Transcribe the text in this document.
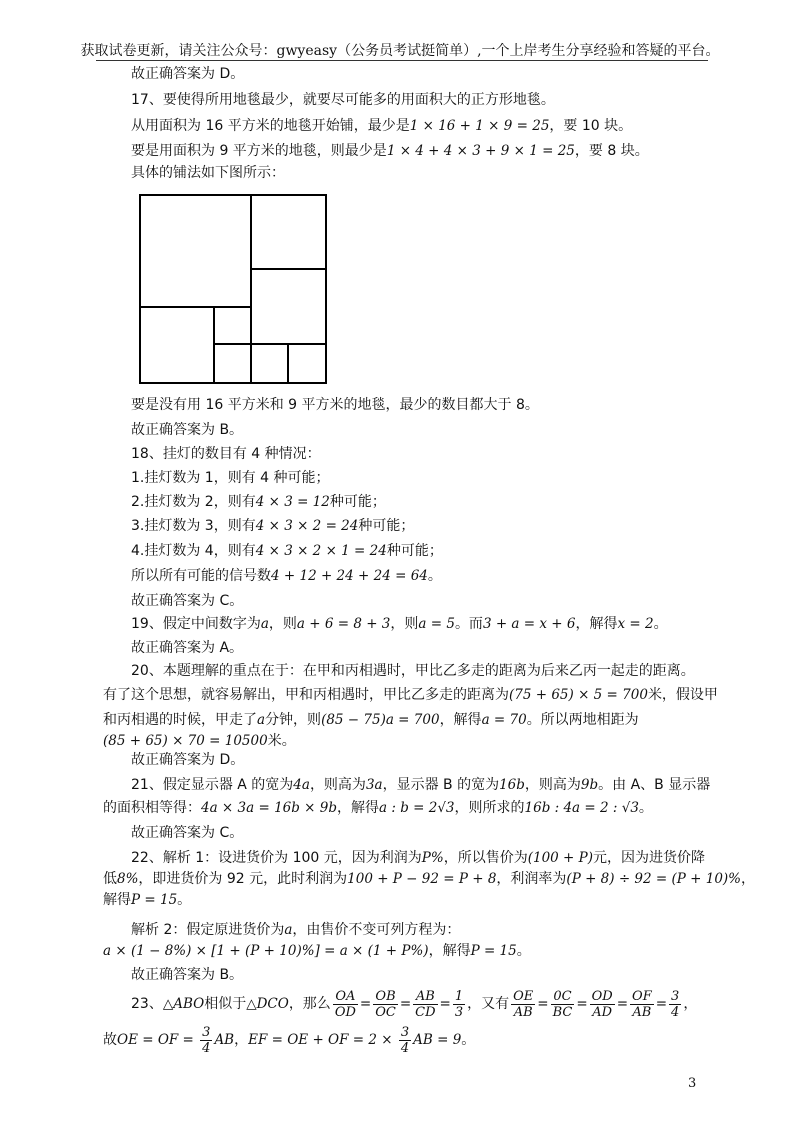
获取试卷更新，请关注公众号：gwyeasy（公务员考试挺简单）,一个上岸考生分享经验和答疑的平台。
故正确答案为 D。
17、要使得所用地毯最少，就要尽可能多的用面积大的正方形地毯。
从用面积为 16 平方米的地毯开始铺，最少是1 × 16 + 1 × 9 = 25，要 10 块。
要是用面积为 9 平方米的地毯，则最少是1 × 4 + 4 × 3 + 9 × 1 = 25，要 8 块。
具体的铺法如下图所示：
要是没有用 16 平方米和 9 平方米的地毯，最少的数目都大于 8。
故正确答案为 B。
18、挂灯的数目有 4 种情况：
1.挂灯数为 1，则有 4 种可能；
2.挂灯数为 2，则有4 × 3 = 12种可能；
3.挂灯数为 3，则有4 × 3 × 2 = 24种可能；
4.挂灯数为 4，则有4 × 3 × 2 × 1 = 24种可能；
所以所有可能的信号数4 + 12 + 24 + 24 = 64。
故正确答案为 C。
19、假定中间数字为a，则a + 6 = 8 + 3，则a = 5。而3 + a = x + 6，解得x = 2。
故正确答案为 A。
20、本题理解的重点在于：在甲和丙相遇时，甲比乙多走的距离为后来乙丙一起走的距离。
有了这个思想，就容易解出，甲和丙相遇时，甲比乙多走的距离为(75 + 65) × 5 = 700米，假设甲
和丙相遇的时候，甲走了a分钟，则(85 − 75)a = 700，解得a = 70。所以两地相距为
(85 + 65) × 70 = 10500米。
故正确答案为 D。
21、假定显示器 A 的宽为4a，则高为3a，显示器 B 的宽为16b，则高为9b。由 A、B 显示器
的面积相等得：4a × 3a = 16b × 9b，解得a : b = 2√3，则所求的16b : 4a = 2 : √3。
故正确答案为 C。
22、解析 1：设进货价为 100 元，因为利润为P%，所以售价为(100 + P)元，因为进货价降
低8%，即进货价为 92 元，此时利润为100 + P − 92 = P + 8，利润率为(P + 8) ÷ 92 = (P + 10)%，
解得P = 15。
解析 2：假定原进货价为a，由售价不变可列方程为：
a × (1 − 8%) × [1 + (P + 10)%] = a × (1 + P%)，解得P = 15。
故正确答案为 B。
23、△ABO相似于△DCO，那么 $\frac{OA}{OD} = \frac{OB}{OC} = \frac{AB}{CD} = \frac{1}{3}$ ，又有 $\frac{OE}{AB} = \frac{0C}{BC} = \frac{OD}{AD} = \frac{OF}{AB} = \frac{3}{4}$ ，
故OE = OF = $\frac{3}{4}$ AB，EF = OE + OF = $2 \times \frac{3}{4}$ AB = 9。
3
